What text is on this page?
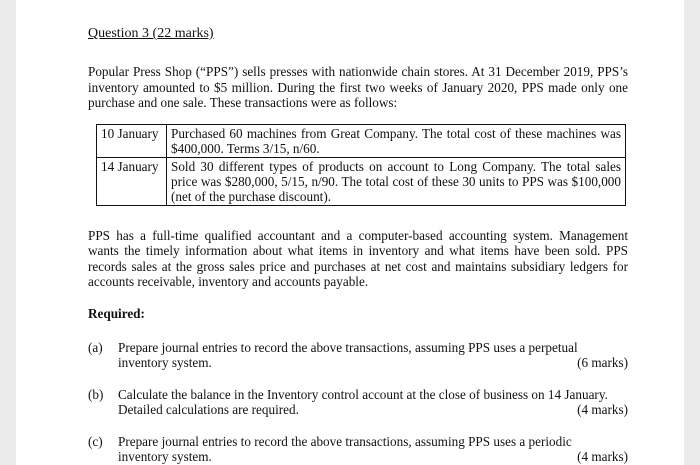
Question 3 (22 marks)

Popular Press Shop (“PPS”) sells presses with nationwide chain stores. At 31 December 2019, PPS’s inventory amounted to $5 million. During the first two weeks of January 2020, PPS made only one purchase and one sale. These transactions were as follows:

10 January	Purchased 60 machines from Great Company. The total cost of these machines was $400,000. Terms 3/15, n/60.
14 January	Sold 30 different types of products on account to Long Company. The total sales price was $280,000, 5/15, n/90. The total cost of these 30 units to PPS was $100,000 (net of the purchase discount).

PPS has a full-time qualified accountant and a computer-based accounting system. Management wants the timely information about what items in inventory and what items have been sold. PPS records sales at the gross sales price and purchases at net cost and maintains subsidiary ledgers for accounts receivable, inventory and accounts payable.

Required:
(a) Prepare journal entries to record the above transactions, assuming PPS uses a perpetual
inventory system.	(6 marks)
(b) Calculate the balance in the Inventory control account at the close of business on 14 January.
Detailed calculations are required.	(4 marks)
(c) Prepare journal entries to record the above transactions, assuming PPS uses a periodic
inventory system.	(4 marks)
